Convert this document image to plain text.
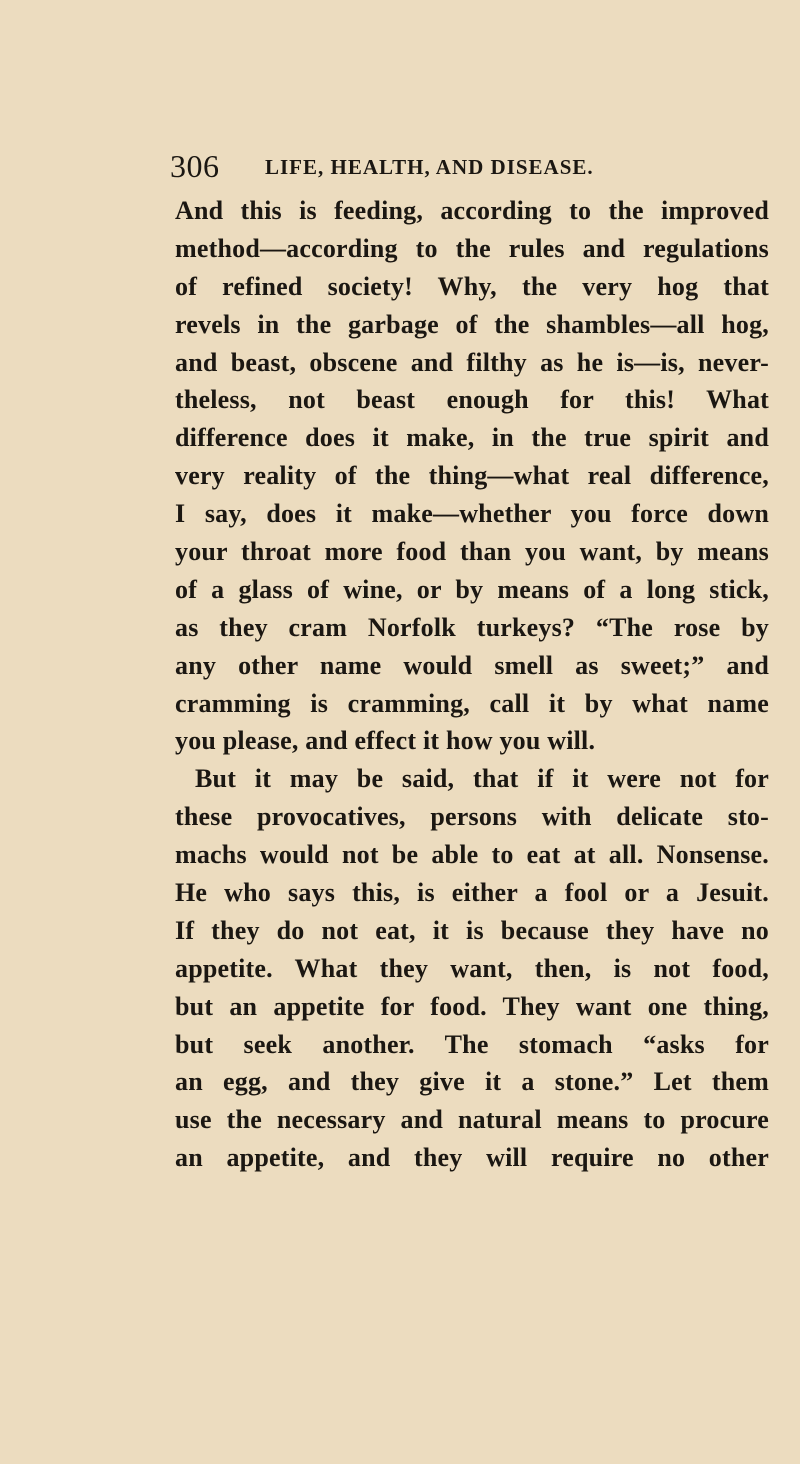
306 LIFE, HEALTH, AND DISEASE.
And this is feeding, according to the improved
method—according to the rules and regulations
of refined society! Why, the very hog that
revels in the garbage of the shambles—all hog,
and beast, obscene and filthy as he is—is, never-
theless, not beast enough for this! What
difference does it make, in the true spirit and
very reality of the thing—what real difference,
I say, does it make—whether you force down
your throat more food than you want, by means
of a glass of wine, or by means of a long stick,
as they cram Norfolk turkeys? “The rose by
any other name would smell as sweet;” and
cramming is cramming, call it by what name
you please, and effect it how you will.
But it may be said, that if it were not for
these provocatives, persons with delicate sto-
machs would not be able to eat at all. Nonsense.
He who says this, is either a fool or a Jesuit.
If they do not eat, it is because they have no
appetite. What they want, then, is not food,
but an appetite for food. They want one thing,
but seek another. The stomach “asks for
an egg, and they give it a stone.” Let them
use the necessary and natural means to procure
an appetite, and they will require no other
